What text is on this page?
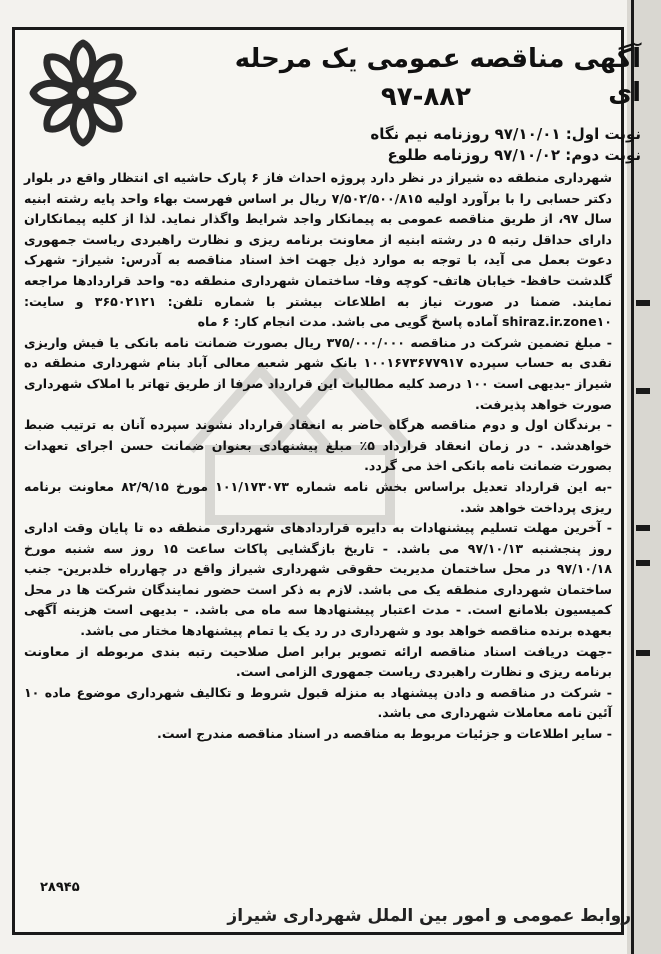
آگهی مناقصه عمومی یک مرحله ای
۹۷-۸۸۲
نوبت اول: ۹۷/۱۰/۰۱ روزنامه نیم نگاه
نوبت دوم: ۹۷/۱۰/۰۲ روزنامه طلوع

شهرداری منطقه ده شیراز در نظر دارد پروژه احداث فاز ۶ پارک حاشیه ای انتظار واقع در بلوار دکتر حسابی را با برآورد اولیه ۷/۵۰۲/۵۰۰/۸۱۵ ریال بر اساس فهرست بهاء واحد پایه رشته ابنیه سال ۹۷، از طریق مناقصه عمومی به پیمانکار واجد شرایط واگذار نماید. لذا از کلیه پیمانکاران دارای حداقل رتبه ۵ در رشته ابنیه از معاونت برنامه ریزی و نظارت راهبردی ریاست جمهوری دعوت بعمل می آید، با توجه به موارد ذیل جهت اخذ اسناد مناقصه به آدرس: شیراز- شهرک گلدشت حافظ- خیابان هاتف- کوچه وفا- ساختمان شهرداری منطقه ده- واحد قراردادها مراجعه نمایند. ضمنا در صورت نیاز به اطلاعات بیشتر با شماره تلفن: ۳۶۵۰۲۱۲۱ و سایت: shiraz.ir.zone۱۰ آماده پاسخ گویی می باشد. مدت انجام کار: ۶ ماه

- مبلغ تضمین شرکت در مناقصه ۳۷۵/۰۰۰/۰۰۰ ریال بصورت ضمانت نامه بانکی یا فیش واریزی نقدی به حساب سپرده ۱۰۰۱۶۷۳۶۷۷۹۱۷ بانک شهر شعبه معالی آباد بنام شهرداری منطقه ده شیراز -بدیهی است ۱۰۰ درصد کلیه مطالبات این قرارداد صرفا از طریق تهاتر با املاک شهرداری صورت خواهد پذیرفت.

- برندگان اول و دوم مناقصه هرگاه حاضر به انعقاد قرارداد نشوند سپرده آنان به ترتیب ضبط خواهدشد. - در زمان انعقاد قرارداد ۵٪ مبلغ پیشنهادی بعنوان ضمانت حسن اجرای تعهدات بصورت ضمانت نامه بانکی اخذ می گردد.

-به این قرارداد تعدیل براساس بخش نامه شماره ۱۰۱/۱۷۳۰۷۳ مورخ ۸۲/۹/۱۵ معاونت برنامه ریزی پرداخت خواهد شد.

- آخرین مهلت تسلیم پیشنهادات به دایره قراردادهای شهرداری منطقه ده تا پایان وقت اداری روز پنجشنبه ۹۷/۱۰/۱۳ می باشد. - تاریخ بازگشایی پاکات ساعت ۱۵ روز سه شنبه مورخ ۹۷/۱۰/۱۸ در محل ساختمان مدیریت حقوقی شهرداری شیراز واقع در چهارراه خلدبرین- جنب ساختمان شهرداری منطقه یک می باشد. لازم به ذکر است حضور نمایندگان شرکت ها در محل کمیسیون بلامانع است. - مدت اعتبار پیشنهادها سه ماه می باشد. - بدیهی است هزینه آگهی بعهده برنده مناقصه خواهد بود و شهرداری در رد یک یا تمام پیشنهادها مختار می باشد.

-جهت دریافت اسناد مناقصه ارائه تصویر برابر اصل صلاحیت رتبه بندی مربوطه از معاونت برنامه ریزی و نظارت راهبردی ریاست جمهوری الزامی است.

- شرکت در مناقصه و دادن پیشنهاد به منزله قبول شروط و تکالیف شهرداری موضوع ماده ۱۰ آئین نامه معاملات شهرداری می باشد.

- سایر اطلاعات و جزئیات مربوط به مناقصه در اسناد مناقصه مندرج است.

۲۸۹۴۵
روابط عمومی و امور بین الملل شهرداری شیراز
